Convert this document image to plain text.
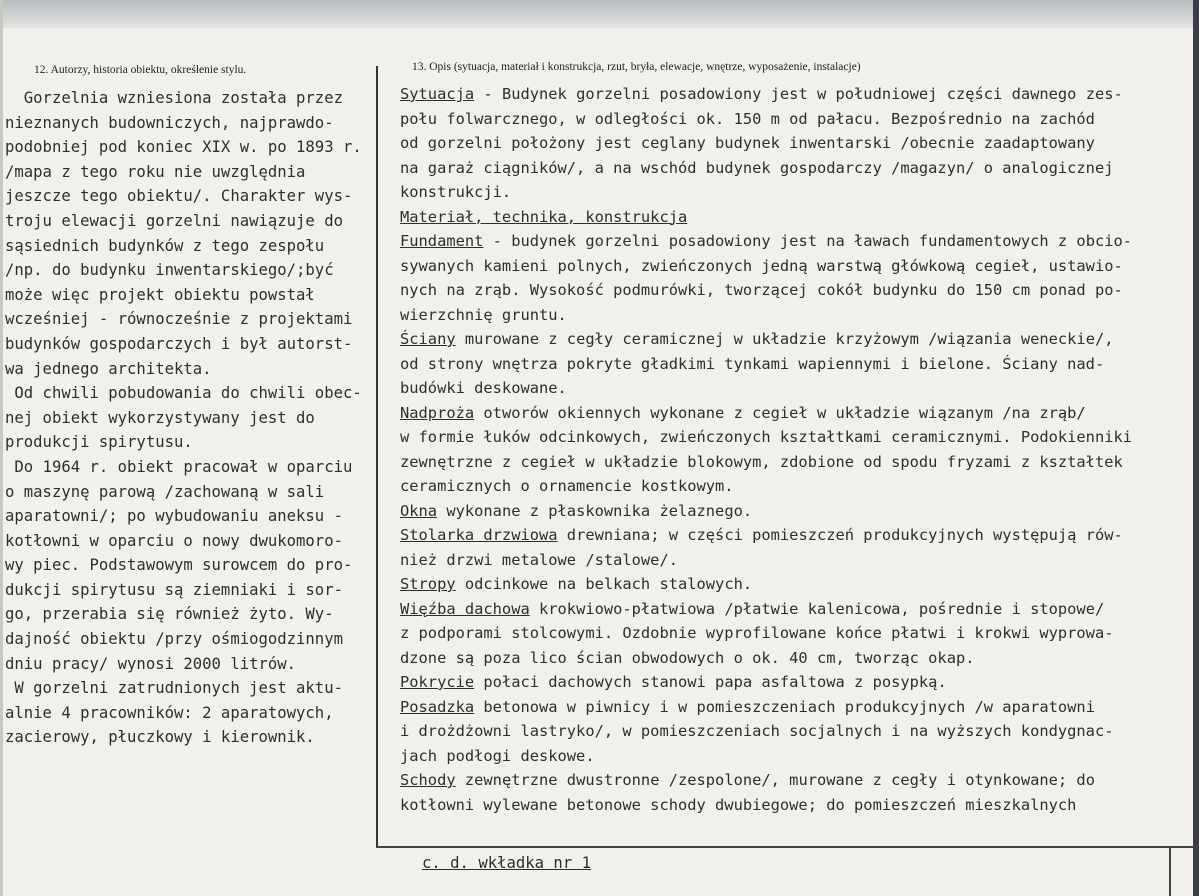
12. Autorzy, historia obiektu, określenie stylu.	13. Opis (sytuacja, materiał i konstrukcja, rzut, bryła, elewacje, wnętrze, wyposażenie, instalacje)
Gorzelnia wzniesiona została przez
nieznanych budowniczych, najprawdo-
podobniej pod koniec XIX w. po 1893 r.
/mapa z tego roku nie uwzględnia
jeszcze tego obiektu/. Charakter wys-
troju elewacji gorzelni nawiązuje do
sąsiednich budynków z tego zespołu
/np. do budynku inwentarskiego/;być
może więc projekt obiektu powstał
wcześniej - równocześnie z projektami
budynków gospodarczych i był autorst-
wa jednego architekta.
Od chwili pobudowania do chwili obec-
nej obiekt wykorzystywany jest do
produkcji spirytusu.
Do 1964 r. obiekt pracował w oparciu
o maszynę parową /zachowaną w sali
aparatowni/; po wybudowaniu aneksu -
kotłowni w oparciu o nowy dwukomoro-
wy piec. Podstawowym surowcem do pro-
dukcji spirytusu są ziemniaki i sor-
go, przerabia się również żyto. Wy-
dajność obiektu /przy ośmiogodzinnym
dniu pracy/ wynosi 2000 litrów.
W gorzelni zatrudnionych jest aktu-
alnie 4 pracowników: 2 aparatowych,
zacierowy, płuczkowy i kierownik.
Sytuacja - Budynek gorzelni posadowiony jest w południowej części dawnego zes-
połu folwarcznego, w odległości ok. 150 m od pałacu. Bezpośrednio na zachód
od gorzelni położony jest ceglany budynek inwentarski /obecnie zaadaptowany
na garaż ciągników/, a na wschód budynek gospodarczy /magazyn/ o analogicznej
konstrukcji.
Materiał, technika, konstrukcja
Fundament - budynek gorzelni posadowiony jest na ławach fundamentowych z obcio-
sywanych kamieni polnych, zwieńczonych jedną warstwą główkową cegieł, ustawio-
nych na zrąb. Wysokość podmurówki, tworzącej cokół budynku do 150 cm ponad po-
wierzchnię gruntu.
Ściany murowane z cegły ceramicznej w układzie krzyżowym /wiązania weneckie/,
od strony wnętrza pokryte gładkimi tynkami wapiennymi i bielone. Ściany nad-
budówki deskowane.
Nadproża otworów okiennych wykonane z cegieł w układzie wiązanym /na zrąb/
w formie łuków odcinkowych, zwieńczonych kształtkami ceramicznymi. Podokienniki
zewnętrzne z cegieł w układzie blokowym, zdobione od spodu fryzami z kształtek
ceramicznych o ornamencie kostkowym.
Okna wykonane z płaskownika żelaznego.
Stolarka drzwiowa drewniana; w części pomieszczeń produkcyjnych występują rów-
nież drzwi metalowe /stalowe/.
Stropy odcinkowe na belkach stalowych.
Więźba dachowa krokwiowo-płatwiowa /płatwie kalenicowa, pośrednie i stopowe/
z podporami stolcowymi. Ozdobnie wyprofilowane końce płatwi i krokwi wyprowa-
dzone są poza lico ścian obwodowych o ok. 40 cm, tworząc okap.
Pokrycie połaci dachowych stanowi papa asfaltowa z posypką.
Posadzka betonowa w piwnicy i w pomieszczeniach produkcyjnych /w aparatowni
i drożdżowni lastryko/, w pomieszczeniach socjalnych i na wyższych kondygnac-
jach podłogi deskowe.
Schody zewnętrzne dwustronne /zespolone/, murowane z cegły i otynkowane; do
kotłowni wylewane betonowe schody dwubiegowe; do pomieszczeń mieszkalnych
c. d. wkładka nr 1
